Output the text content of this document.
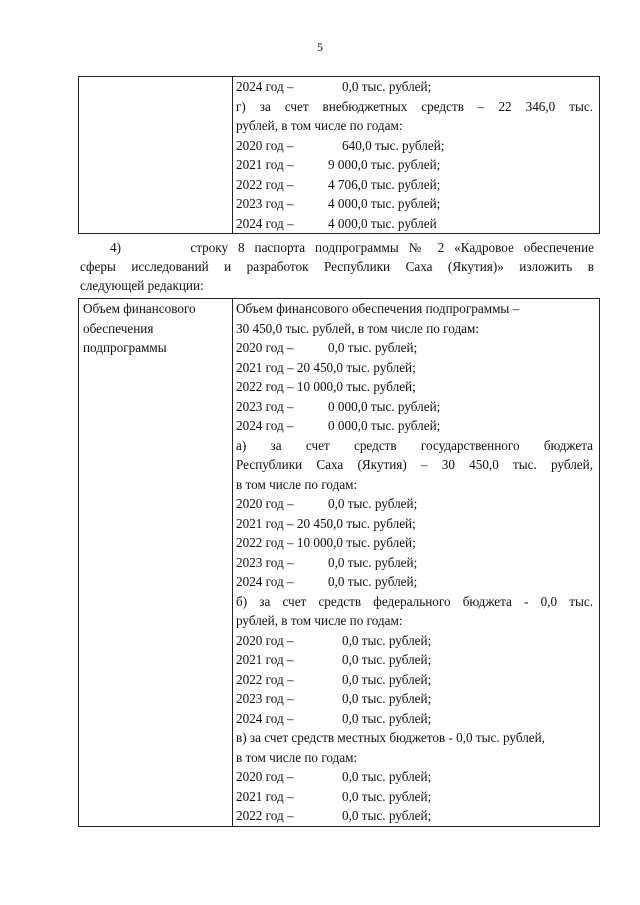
5

2024 год –	0,0 тыс. рублей;
г) за счет внебюджетных средств – 22 346,0 тыс.
рублей, в том числе по годам:
2020 год –	640,0 тыс. рублей;
2021 год –	9 000,0 тыс. рублей;
2022 год –	4 706,0 тыс. рублей;
2023 год –	4 000,0 тыс. рублей;
2024 год –	4 000,0 тыс. рублей
4)	строку 8 паспорта подпрограммы № 2 «Кадровое обеспечение
сферы исследований и разработок Республики Саха (Якутия)» изложить в
следующей редакции:
Объем финансового
обеспечения
подпрограммы

Объем финансового обеспечения подпрограммы –
30 450,0 тыс. рублей, в том числе по годам:
2020 год –	0,0 тыс. рублей;
2021 год – 20 450,0 тыс. рублей;
2022 год – 10 000,0 тыс. рублей;
2023 год –	0 000,0 тыс. рублей;
2024 год –	0 000,0 тыс. рублей;
а) за счет средств государственного бюджета
Республики Саха (Якутия) – 30 450,0 тыс. рублей,
в том числе по годам:
2020 год –	0,0 тыс. рублей;
2021 год – 20 450,0 тыс. рублей;
2022 год – 10 000,0 тыс. рублей;
2023 год –	0,0 тыс. рублей;
2024 год –	0,0 тыс. рублей;
б) за счет средств федерального бюджета - 0,0 тыс.
рублей, в том числе по годам:
2020 год –	0,0 тыс. рублей;
2021 год –	0,0 тыс. рублей;
2022 год –	0,0 тыс. рублей;
2023 год –	0,0 тыс. рублей;
2024 год –	0,0 тыс. рублей;
в) за счет средств местных бюджетов - 0,0 тыс. рублей,
в том числе по годам:
2020 год –	0,0 тыс. рублей;
2021 год –	0,0 тыс. рублей;
2022 год –	0,0 тыс. рублей;
